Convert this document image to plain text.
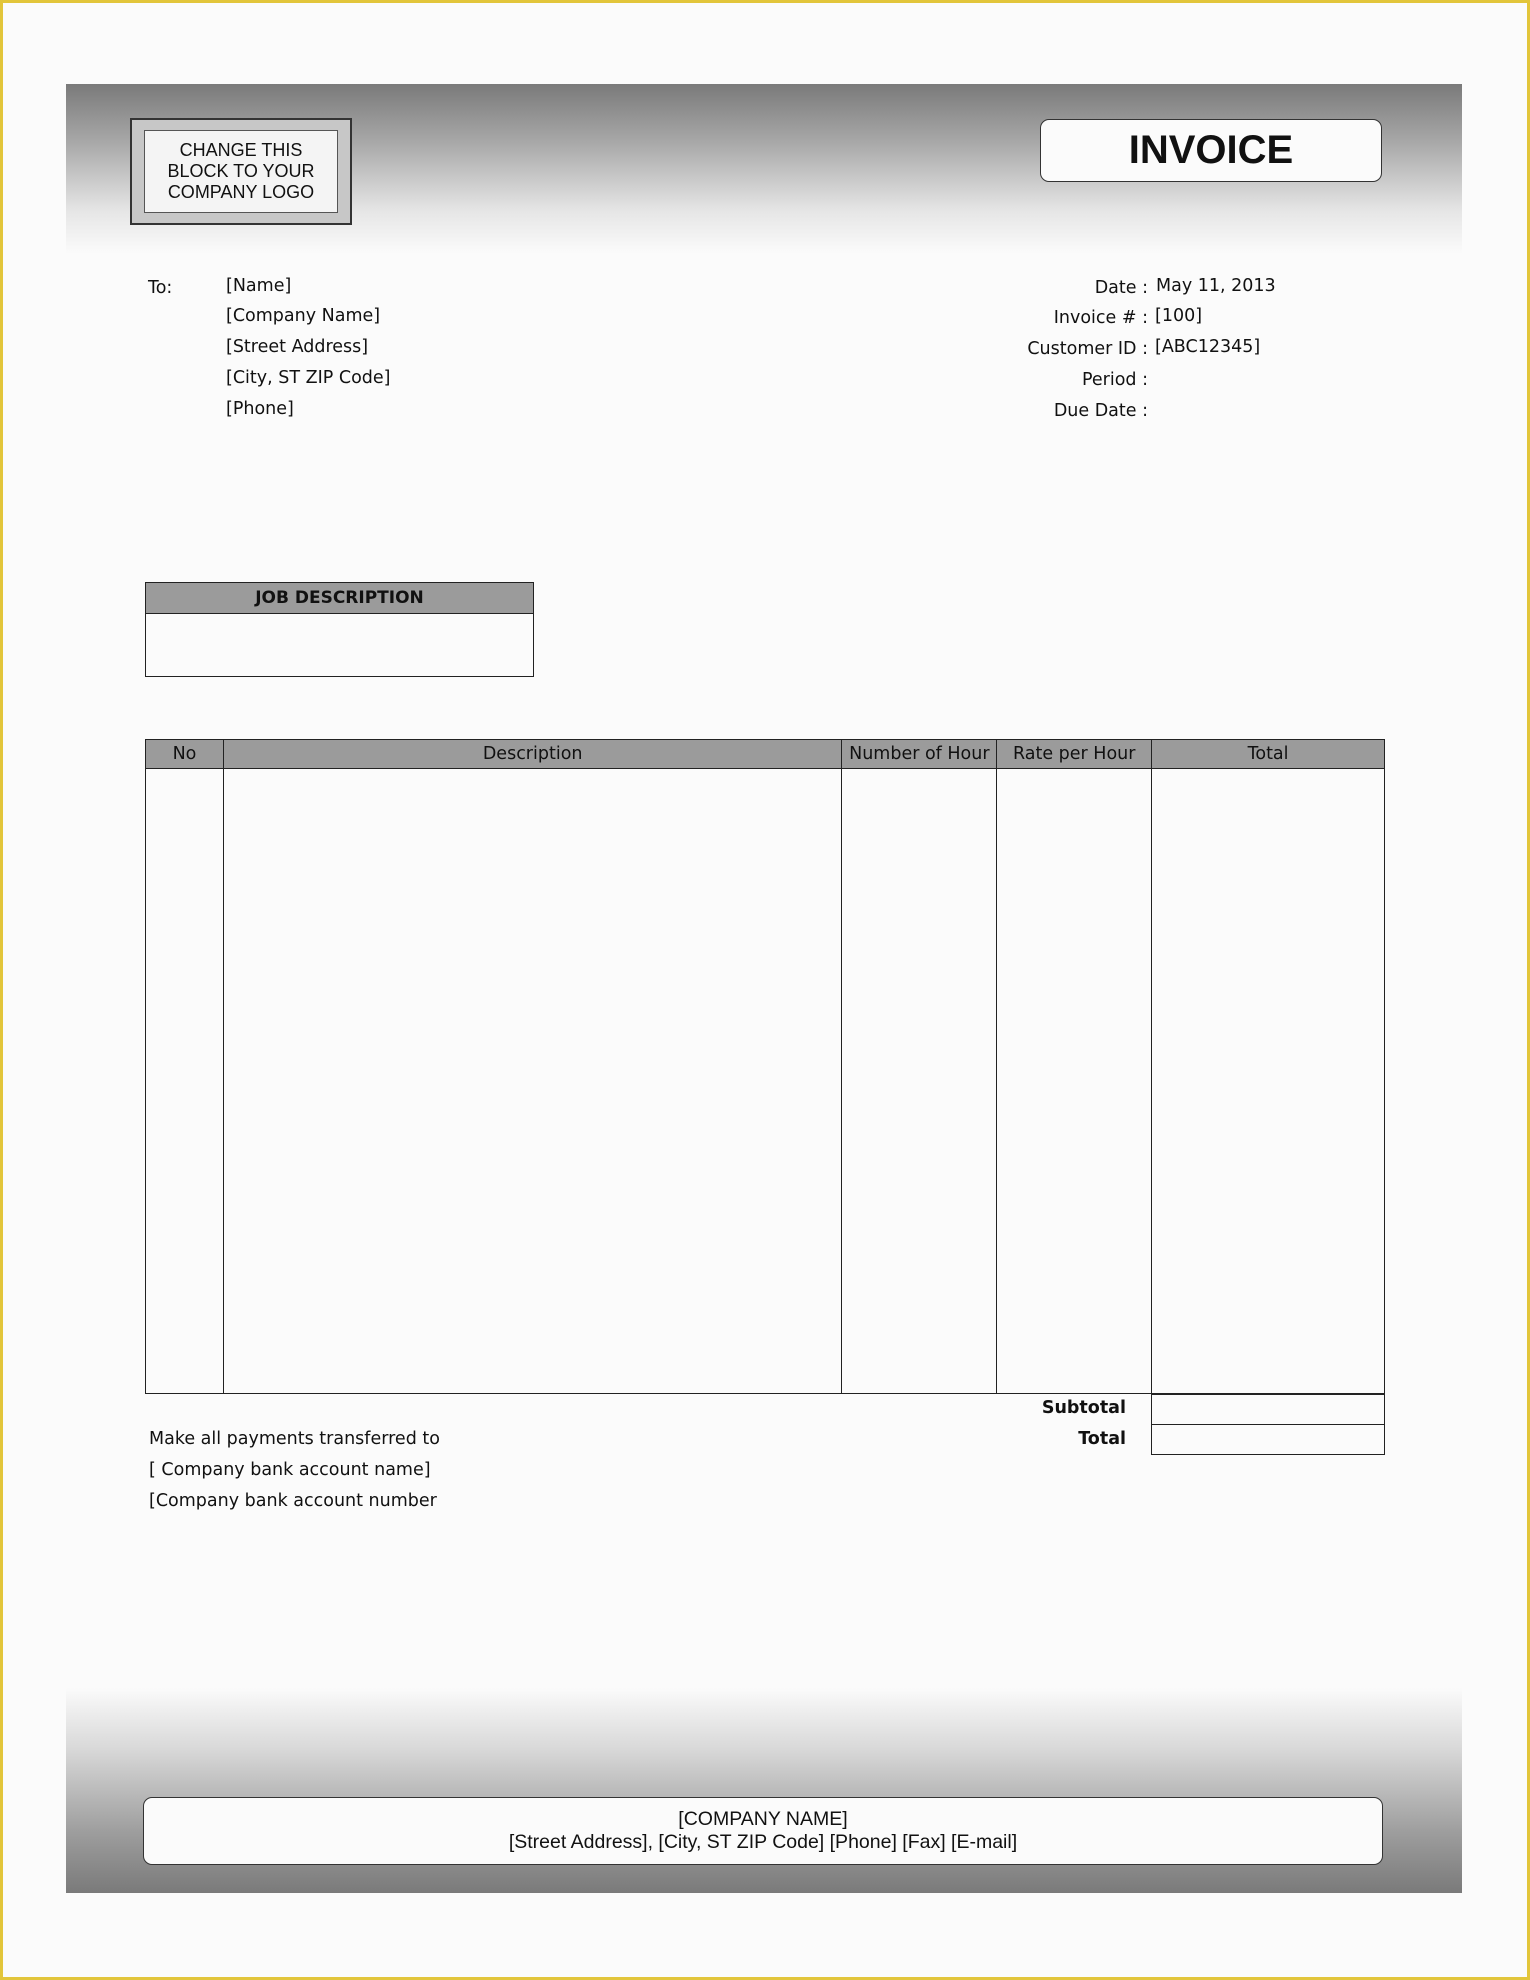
CHANGE THIS
BLOCK TO YOUR
COMPANY LOGO
INVOICE
To:	[Name]
[Company Name]
[Street Address]
[City, ST ZIP Code]
[Phone]
Date : May 11, 2013
Invoice # : [100]
Customer ID : [ABC12345]
Period :
Due Date :
JOB DESCRIPTION
No	Description	Number of Hour	Rate per Hour	Total

Subtotal
Total
Make all payments transferred to
[ Company bank account name]
[Company bank account number
[COMPANY NAME]
[Street Address], [City, ST ZIP Code] [Phone] [Fax] [E-mail]
